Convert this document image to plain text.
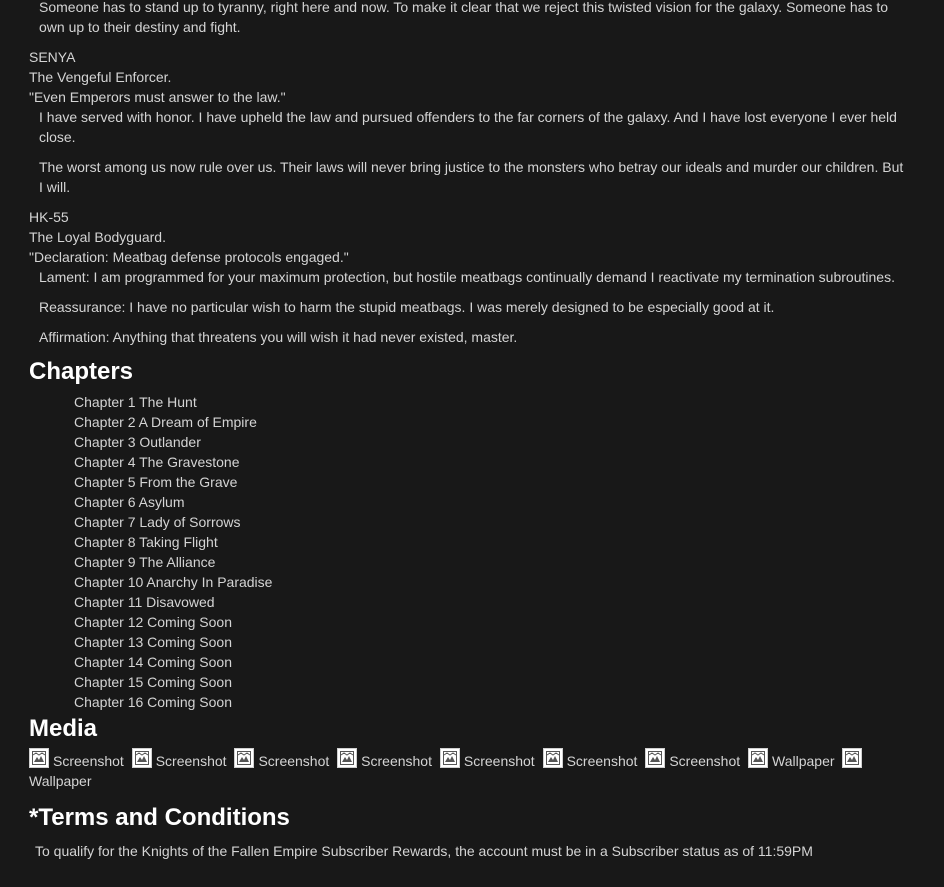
Someone has to stand up to tyranny, right here and now. To make it clear that we reject this twisted vision for the galaxy. Someone has to own up to their destiny and fight.

SENYA
The Vengeful Enforcer.
"Even Emperors must answer to the law."

I have served with honor. I have upheld the law and pursued offenders to the far corners of the galaxy. And I have lost everyone I ever held close.

The worst among us now rule over us. Their laws will never bring justice to the monsters who betray our ideals and murder our children. But I will.

HK-55
The Loyal Bodyguard.
"Declaration: Meatbag defense protocols engaged."

Lament: I am programmed for your maximum protection, but hostile meatbags continually demand I reactivate my termination subroutines.

Reassurance: I have no particular wish to harm the stupid meatbags. I was merely designed to be especially good at it.

Affirmation: Anything that threatens you will wish it had never existed, master.

Chapters
Chapter 1 The Hunt
Chapter 2 A Dream of Empire
Chapter 3 Outlander
Chapter 4 The Gravestone
Chapter 5 From the Grave
Chapter 6 Asylum
Chapter 7 Lady of Sorrows
Chapter 8 Taking Flight
Chapter 9 The Alliance
Chapter 10 Anarchy In Paradise
Chapter 11 Disavowed
Chapter 12 Coming Soon
Chapter 13 Coming Soon
Chapter 14 Coming Soon
Chapter 15 Coming Soon
Chapter 16 Coming Soon
Media
Screenshot Screenshot Screenshot Screenshot Screenshot Screenshot Screenshot Wallpaper

Wallpaper
*Terms and Conditions

To qualify for the Knights of the Fallen Empire Subscriber Rewards, the account must be in a Subscriber status as of 11:59PM
